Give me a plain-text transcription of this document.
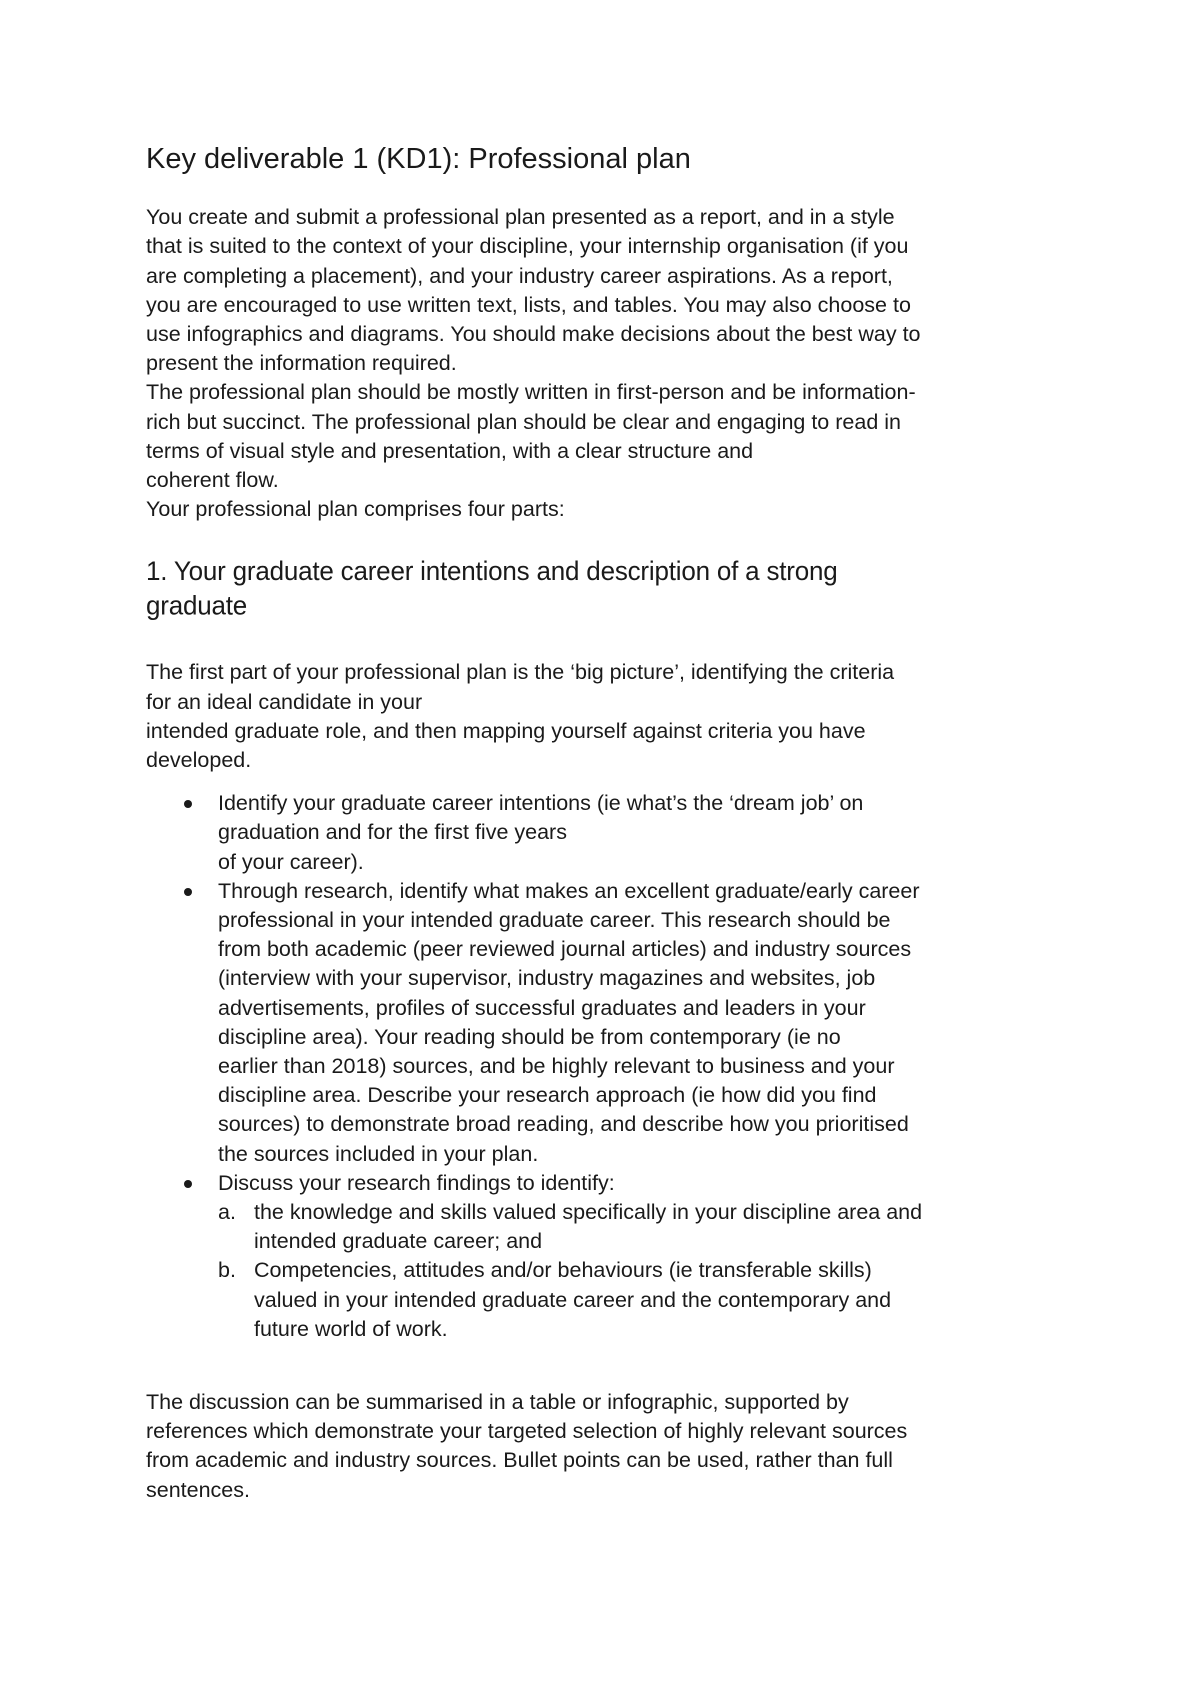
Key deliverable 1 (KD1): Professional plan

You create and submit a professional plan presented as a report, and in a style
that is suited to the context of your discipline, your internship organisation (if you
are completing a placement), and your industry career aspirations. As a report,
you are encouraged to use written text, lists, and tables. You may also choose to
use infographics and diagrams. You should make decisions about the best way to
present the information required.
The professional plan should be mostly written in first-person and be information-
rich but succinct. The professional plan should be clear and engaging to read in
terms of visual style and presentation, with a clear structure and
coherent flow.
Your professional plan comprises four parts:

1. Your graduate career intentions and description of a strong
graduate

The first part of your professional plan is the ‘big picture’, identifying the criteria
for an ideal candidate in your
intended graduate role, and then mapping yourself against criteria you have
developed.

Identify your graduate career intentions (ie what’s the ‘dream job’ on
graduation and for the first five years
of your career).
Through research, identify what makes an excellent graduate/early career
professional in your intended graduate career. This research should be
from both academic (peer reviewed journal articles) and industry sources
(interview with your supervisor, industry magazines and websites, job
advertisements, profiles of successful graduates and leaders in your
discipline area). Your reading should be from contemporary (ie no
earlier than 2018) sources, and be highly relevant to business and your
discipline area. Describe your research approach (ie how did you find
sources) to demonstrate broad reading, and describe how you prioritised
the sources included in your plan.
Discuss your research findings to identify:
a. the knowledge and skills valued specifically in your discipline area and
intended graduate career; and
b. Competencies, attitudes and/or behaviours (ie transferable skills)
valued in your intended graduate career and the contemporary and
future world of work.

The discussion can be summarised in a table or infographic, supported by
references which demonstrate your targeted selection of highly relevant sources
from academic and industry sources. Bullet points can be used, rather than full
sentences.
